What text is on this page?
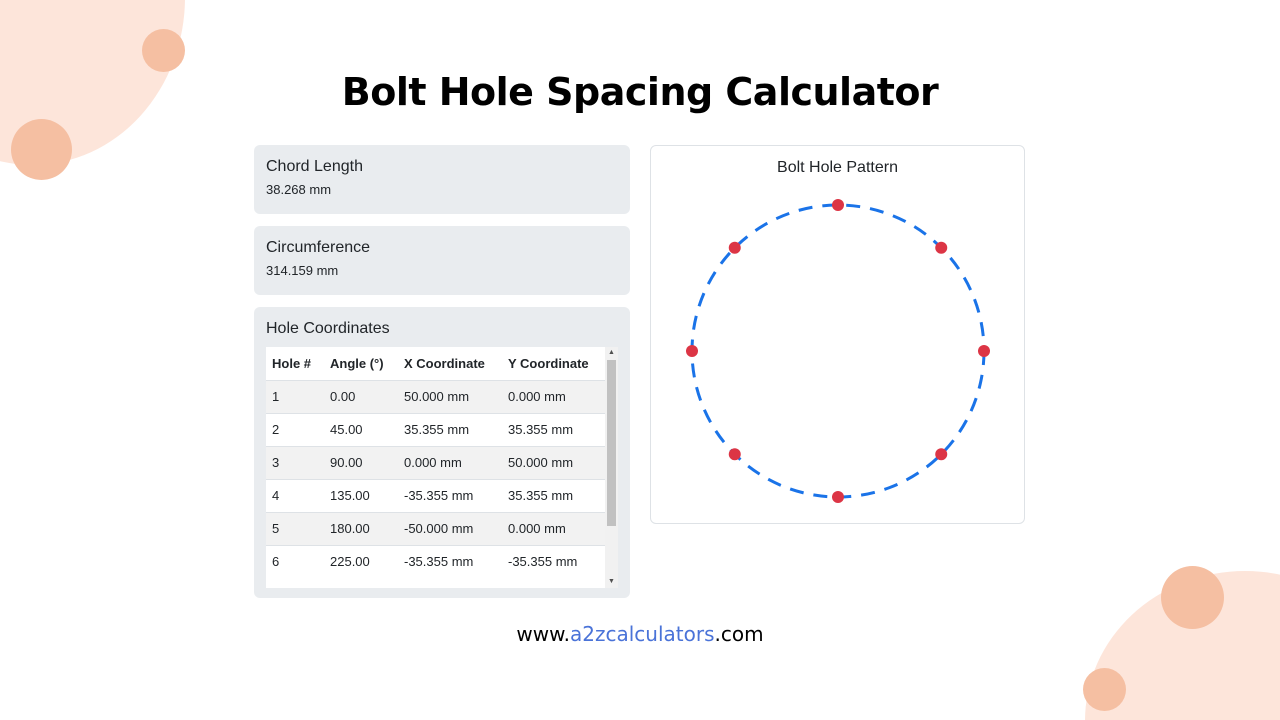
Bolt Hole Spacing Calculator
Chord Length
38.268 mm
Circumference
314.159 mm
Hole Coordinates
Hole #	Angle (°)	X Coordinate	Y Coordinate
1	0.00	50.000 mm	0.000 mm
2	45.00	35.355 mm	35.355 mm
3	90.00	0.000 mm	50.000 mm
4	135.00	-35.355 mm	35.355 mm
5	180.00	-50.000 mm	0.000 mm
6	225.00	-35.355 mm	-35.355 mm
▲
▼
Bolt Hole Pattern
www.a2zcalculators.com
